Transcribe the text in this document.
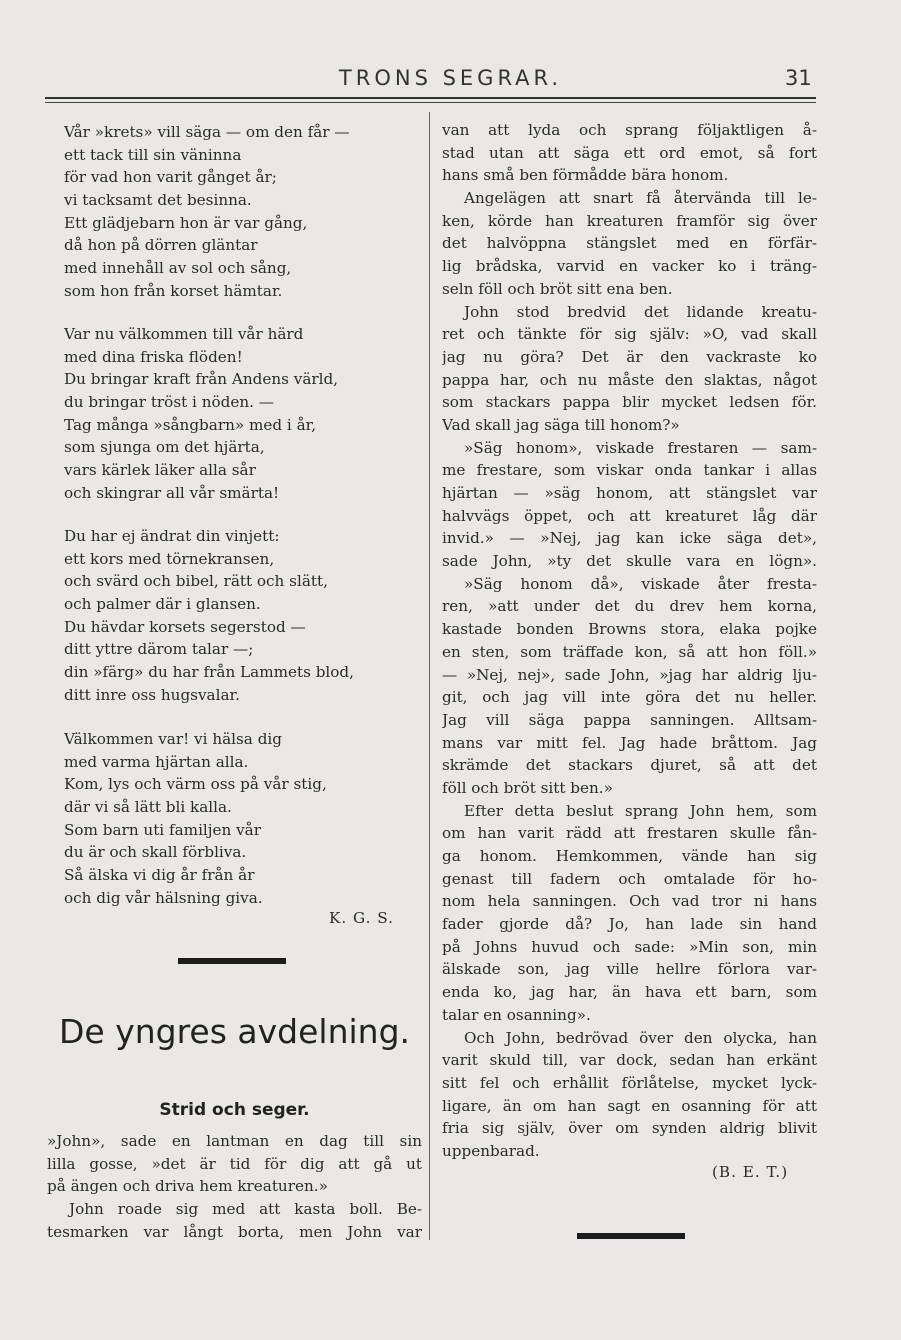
TRONS SEGRAR.	31
Vår »krets» vill säga — om den får —
ett tack till sin väninna
för vad hon varit gånget år;
vi tacksamt det besinna.
Ett glädjebarn hon är var gång,
då hon på dörren gläntar
med innehåll av sol och sång,
som hon från korset hämtar.
Var nu välkommen till vår härd
med dina friska flöden!
Du bringar kraft från Andens värld,
du bringar tröst i nöden. —
Tag många »sångbarn» med i år,
som sjunga om det hjärta,
vars kärlek läker alla sår
och skingrar all vår smärta!
Du har ej ändrat din vinjett:
ett kors med törnekransen,
och svärd och bibel, rätt och slätt,
och palmer där i glansen.
Du hävdar korsets segerstod —
ditt yttre därom talar —;
din »färg» du har från Lammets blod,
ditt inre oss hugsvalar.
Välkommen var! vi hälsa dig
med varma hjärtan alla.
Kom, lys och värm oss på vår stig,
där vi så lätt bli kalla.
Som barn uti familjen vår
du är och skall förbliva.
Så älska vi dig år från år
och dig vår hälsning giva.
K. G. S.
De yngres avdelning.
Strid och seger.
»John», sade en lantman en dag till sin
lilla gosse, »det är tid för dig att gå ut
på ängen och driva hem kreaturen.»
John roade sig med att kasta boll. Be-
tesmarken var långt borta, men John var
van att lyda och sprang följaktligen å-
stad utan att säga ett ord emot, så fort
hans små ben förmådde bära honom.
Angelägen att snart få återvända till le-
ken, körde han kreaturen framför sig över
det halvöppna stängslet med en förfär-
lig brådska, varvid en vacker ko i träng-
seln föll och bröt sitt ena ben.
John stod bredvid det lidande kreatu-
ret och tänkte för sig själv: »O, vad skall
jag nu göra? Det är den vackraste ko
pappa har, och nu måste den slaktas, något
som stackars pappa blir mycket ledsen för.
Vad skall jag säga till honom?»
»Säg honom», viskade frestaren — sam-
me frestare, som viskar onda tankar i allas
hjärtan — »säg honom, att stängslet var
halvvägs öppet, och att kreaturet låg där
invid.» — »Nej, jag kan icke säga det»,
sade John, »ty det skulle vara en lögn».
»Säg honom då», viskade åter fresta-
ren, »att under det du drev hem korna,
kastade bonden Browns stora, elaka pojke
en sten, som träffade kon, så att hon föll.»
— »Nej, nej», sade John, »jag har aldrig lju-
git, och jag vill inte göra det nu heller.
Jag vill säga pappa sanningen. Alltsam-
mans var mitt fel. Jag hade bråttom. Jag
skrämde det stackars djuret, så att det
föll och bröt sitt ben.»
Efter detta beslut sprang John hem, som
om han varit rädd att frestaren skulle fån-
ga honom. Hemkommen, vände han sig
genast till fadern och omtalade för ho-
nom hela sanningen. Och vad tror ni hans
fader gjorde då? Jo, han lade sin hand
på Johns huvud och sade: »Min son, min
älskade son, jag ville hellre förlora var-
enda ko, jag har, än hava ett barn, som
talar en osanning».
Och John, bedrövad över den olycka, han
varit skuld till, var dock, sedan han erkänt
sitt fel och erhållit förlåtelse, mycket lyck-
ligare, än om han sagt en osanning för att
fria sig själv, över om synden aldrig blivit
uppenbarad.
(B. E. T.)
